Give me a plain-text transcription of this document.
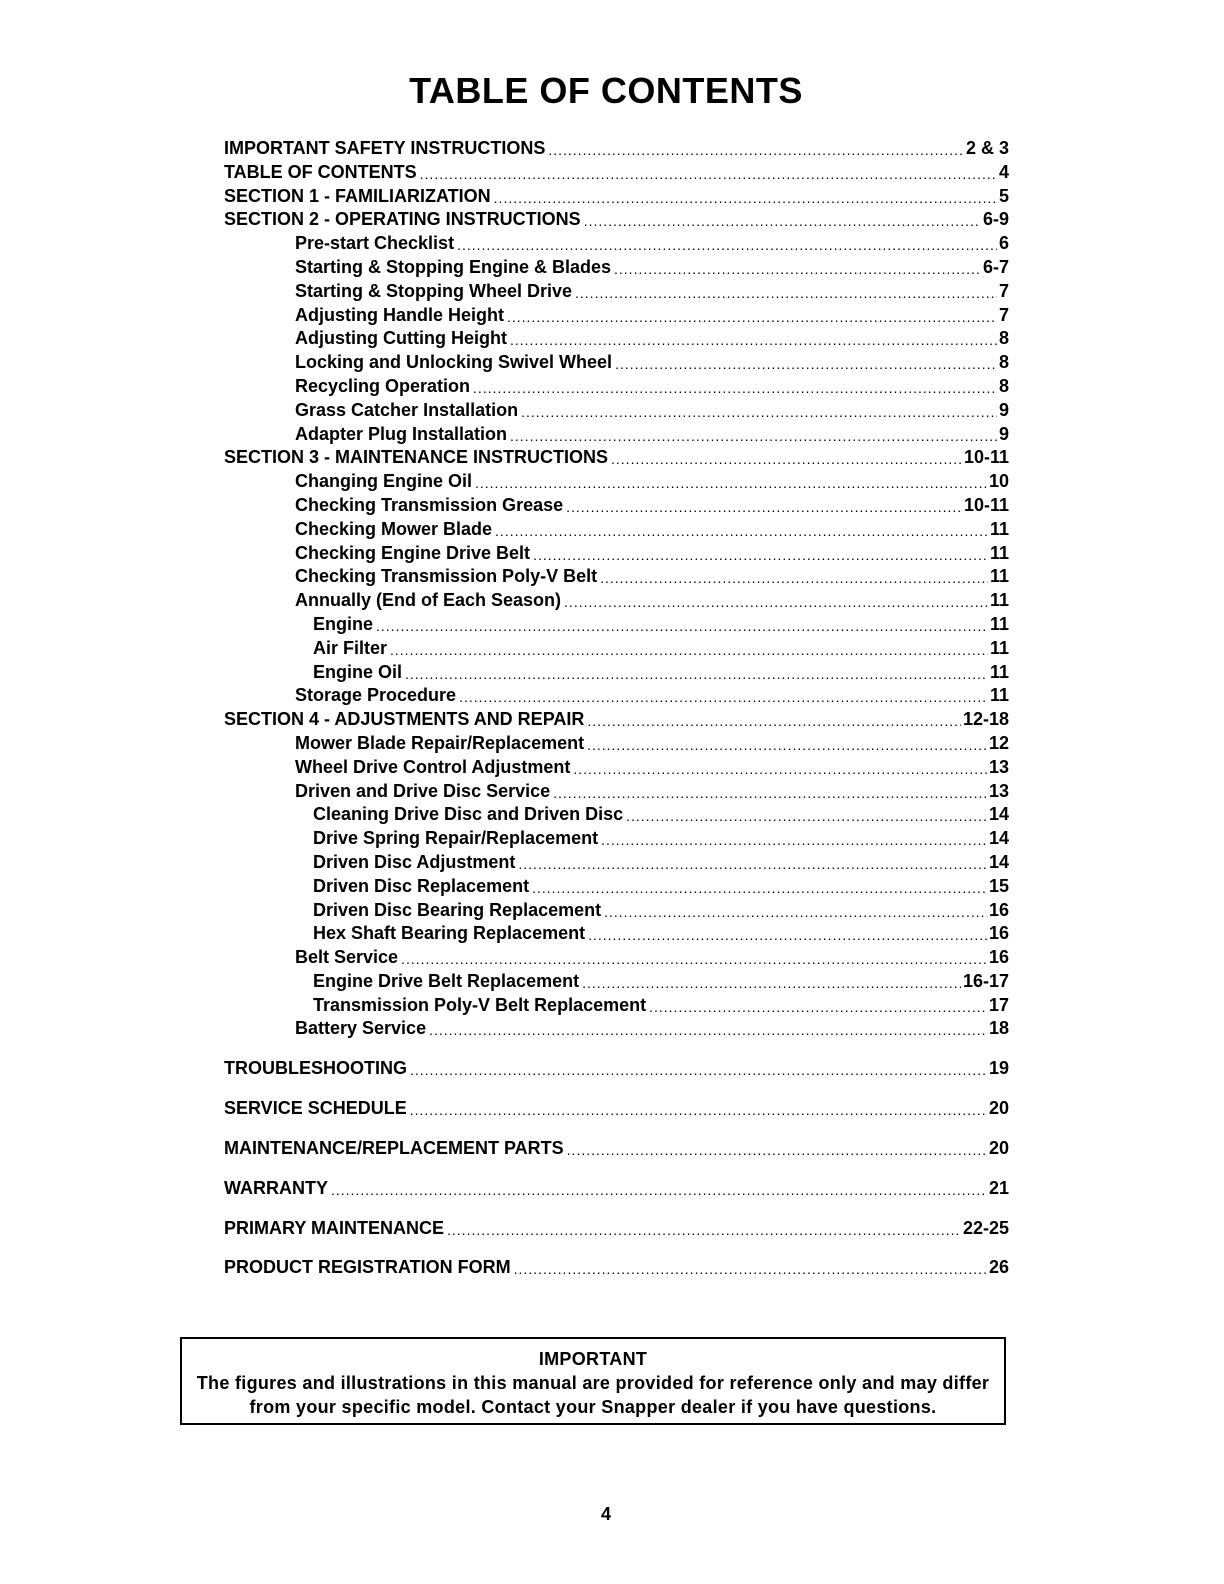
TABLE OF CONTENTS
IMPORTANT SAFETY INSTRUCTIONS .....	2 & 3
TABLE OF CONTENTS .....	4
SECTION 1 - FAMILIARIZATION .....	5
SECTION 2 - OPERATING INSTRUCTIONS .....	6-9
Pre-start Checklist .....	6
Starting & Stopping Engine & Blades .....	6-7
Starting & Stopping Wheel Drive .....	7
Adjusting Handle Height .....	7
Adjusting Cutting Height .....	8
Locking and Unlocking Swivel Wheel .....	8
Recycling Operation .....	8
Grass Catcher Installation .....	9
Adapter Plug Installation .....	9
SECTION 3 - MAINTENANCE INSTRUCTIONS .....	10-11
Changing Engine Oil .....	10
Checking Transmission Grease .....	10-11
Checking Mower Blade .....	11
Checking Engine Drive Belt .....	11
Checking Transmission Poly-V Belt .....	11
Annually (End of Each Season) .....	11
Engine .....	11
Air Filter .....	11
Engine Oil .....	11
Storage Procedure .....	11
SECTION 4 - ADJUSTMENTS AND REPAIR .....	12-18
Mower Blade Repair/Replacement .....	12
Wheel Drive Control Adjustment .....	13
Driven and Drive Disc Service .....	13
Cleaning Drive Disc and Driven Disc .....	14
Drive Spring Repair/Replacement .....	14
Driven Disc Adjustment .....	14
Driven Disc Replacement .....	15
Driven Disc Bearing Replacement .....	16
Hex Shaft Bearing Replacement .....	16
Belt Service .....	16
Engine Drive Belt Replacement .....	16-17
Transmission Poly-V Belt Replacement .....	17
Battery Service .....	18
TROUBLESHOOTING .....	19
SERVICE SCHEDULE .....	20
MAINTENANCE/REPLACEMENT PARTS .....	20
WARRANTY .....	21
PRIMARY MAINTENANCE .....	22-25
PRODUCT REGISTRATION FORM .....	26
IMPORTANT
The figures and illustrations in this manual are provided for reference only and may differ from your specific model. Contact your Snapper dealer if you have questions.
4
